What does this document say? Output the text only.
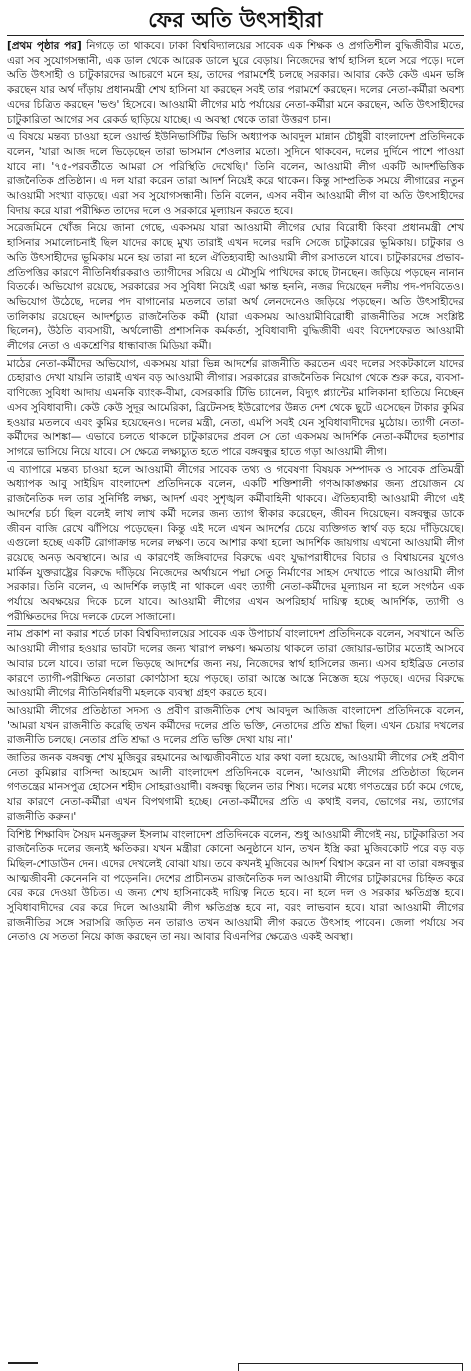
ফের অতি উৎসাহীরা

[প্রথম পৃষ্ঠার পর] নিগড়ে তা থাকবে। ঢাকা বিশ্ববিদ্যালয়ের সাবেক এক শিক্ষক ও প্রগতিশীল বুদ্ধিজীবীর মতে, এরা সব সুযোগসন্ধানী, এক ডাল থেকে আরেক ডালে ঘুরে বেড়ায়। নিজেদের স্বার্থ হাসিল হলে সরে পড়ে। দলে অতি উৎসাহী ও চাটুকারদের আচরণে মনে হয়, তাদের পরামর্শেই চলছে সরকার। আবার কেউ কেউ এমন ভঙ্গি করছেন যার অর্থ দাঁড়ায় প্রধানমন্ত্রী শেখ হাসিনা যা করছেন সবই তার পরামর্শে করছেন। দলের নেতা-কর্মীরা অবশ্য এদের চিত্রিত করছেন 'ভণ্ড' হিসেবে। আওয়ামী লীগের মাঠ পর্যায়ের নেতা-কর্মীরা মনে করছেন, অতি উৎসাহীদের চাটুকারিতা আগের সব রেকর্ড ছাড়িয়ে যাচ্ছে। এ অবস্থা থেকে তারা উত্তরণ চান।

এ বিষয়ে মন্তব্য চাওয়া হলে ওয়ার্ল্ড ইউনিভার্সিটির ভিসি অধ্যাপক আবদুল মান্নান চৌধুরী বাংলাদেশ প্রতিদিনকে বলেন, 'যারা আজ দলে ভিড়েছেন তারা ভাসমান শেওলার মতো। সুদিনে থাকবেন, দলের দুর্দিনে পাশে পাওয়া যাবে না। '৭৫-পরবর্তীতে আমরা সে পরিস্থিতি দেখেছি।' তিনি বলেন, আওয়ামী লীগ একটি আদর্শভিত্তিক রাজনৈতিক প্রতিষ্ঠান। এ দল যারা করেন তারা আদর্শ নিয়েই করে থাকেন। কিন্তু সাম্প্রতিক সময়ে লীগারের নতুন আওয়ামী সংখ্যা বাড়ছে। এরা সব সুযোগসন্ধানী। তিনি বলেন, এসব নবীন আওয়ামী লীগ বা অতি উৎসাহীদের বিদায় করে যারা পরীক্ষিত তাদের দলে ও সরকারে মূল্যায়ন করতে হবে।

সরেজমিনে খোঁজ নিয়ে জানা গেছে, একসময় যারা আওয়ামী লীগের ঘোর বিরোধী কিংবা প্রধানমন্ত্রী শেখ হাসিনার সমালোচনাই ছিল যাদের কাছে মুখ্য তারাই এখন দলের দরদি সেজে চাটুকারের ভূমিকায়। চাটুকার ও অতি উৎসাহীদের ভূমিকায় মনে হয় তারা না হলে ঐতিহ্যবাহী আওয়ামী লীগ রসাতলে যাবে। চাটুকারদের প্রভাব-প্রতিপত্তির কারণে নীতিনির্ধারকরাও ত্যাগীদের সরিয়ে এ মৌসুমি পাখিদের কাছে টানছেন। জড়িয়ে পড়ছেন নানান বিতর্কে। অভিযোগ রয়েছে, সরকারের সব সুবিধা নিয়েই এরা ক্ষান্ত হননি, নজর দিয়েছেন দলীয় পদ-পদবিতেও। অভিযোগ উঠেছে, দলের পদ বাগানোর মতলবে তারা অর্থ লেনদেনেও জড়িয়ে পড়ছেন। অতি উৎসাহীদের তালিকায় রয়েছেন আদর্শচ্যুত রাজনৈতিক কর্মী (যারা একসময় আওয়ামীবিরোধী রাজনীতির সঙ্গে সংশ্লিষ্ট ছিলেন), উঠতি ব্যবসায়ী, অর্থলোভী প্রশাসনিক কর্মকর্তা, সুবিধাবাদী বুদ্ধিজীবী এবং বিদেশফেরত আওয়ামী লীগের নেতা ও একশ্রেণির ধান্ধাবাজ মিডিয়া কর্মী।

মাঠের নেতা-কর্মীদের অভিযোগ, একসময় যারা ভিন্ন আদর্শের রাজনীতি করতেন এবং দলের সংকটকালে যাদের চেহারাও দেখা যায়নি তারাই এখন বড় আওয়ামী লীগার। সরকারের রাজনৈতিক নিয়োগ থেকে শুরু করে, ব্যবসা-বাণিজ্যে সুবিধা আদায় এমনকি ব্যাংক-বীমা, বেসরকারি টিভি চ্যানেল, বিদ্যুৎ প্ল্যান্টের মালিকানা হাতিয়ে নিচ্ছেন এসব সুবিধাবাদী। কেউ কেউ সুদূর আমেরিকা, ব্রিটেনসহ ইউরোপের উন্নত দেশ থেকে ছুটে এসেছেন টাকার কুমির হওয়ার মতলবে এবং কুমির হয়েছেনও। দলের মন্ত্রী, নেতা, এমপি সবই যেন সুবিধাবাদীদের মুঠোয়। ত্যাগী নেতা-কর্মীদের আশঙ্কা— এভাবে চলতে থাকলে চাটুকারদের প্রবল সে তো একসময় আদর্শিক নেতা-কর্মীদের হতাশার সাগরে ভাসিয়ে নিয়ে যাবে। সে ক্ষেত্রে লক্ষ্যচ্যুত হতে পারে বঙ্গবন্ধুর হাতে গড়া আওয়ামী লীগ।

এ ব্যাপারে মন্তব্য চাওয়া হলে আওয়ামী লীগের সাবেক তথ্য ও গবেষণা বিষয়ক সম্পাদক ও সাবেক প্রতিমন্ত্রী অধ্যাপক আবু সাইয়িদ বাংলাদেশ প্রতিদিনকে বলেন, একটি শক্তিশালী গণআকাঙ্ক্ষার জন্য প্রয়োজন যে রাজনৈতিক দল তার সুনির্দিষ্ট লক্ষ্য, আদর্শ এবং সুশৃঙ্খল কর্মীবাহিনী থাকবে। ঐতিহ্যবাহী আওয়ামী লীগে এই আদর্শের চর্চা ছিল বলেই লাখ লাখ কর্মী দলের জন্য ত্যাগ স্বীকার করেছেন, জীবন দিয়েছেন। বঙ্গবন্ধুর ডাকে জীবন বাজি রেখে ঝাঁপিয়ে পড়েছেন। কিন্তু এই দলে এখন আদর্শের চেয়ে ব্যক্তিগত স্বার্থ বড় হয়ে দাঁড়িয়েছে। এগুলো হচ্ছে একটি রোগাক্রান্ত দলের লক্ষণ। তবে আশার কথা হলো আদর্শিক জায়গায় এখনো আওয়ামী লীগ রয়েছে অনড় অবস্থানে। আর এ কারণেই জঙ্গিবাদের বিরুদ্ধে এবং যুদ্ধাপরাধীদের বিচার ও বিশ্বায়নের যুগেও মার্কিন যুক্তরাষ্ট্রের বিরুদ্ধে দাঁড়িয়ে নিজেদের অর্থায়নে পদ্মা সেতু নির্মাণের সাহস দেখাতে পারে আওয়ামী লীগ সরকার। তিনি বলেন, এ আদর্শিক লড়াই না থাকলে এবং ত্যাগী নেতা-কর্মীদের মূল্যায়ন না হলে সংগঠন এক পর্যায়ে অবক্ষয়ের দিকে চলে যাবে। আওয়ামী লীগের এখন অপরিহার্য দায়িত্ব হচ্ছে আদর্শিক, ত্যাগী ও পরীক্ষিতদের দিয়ে দলকে ঢেলে সাজানো।

নাম প্রকাশ না করার শর্তে ঢাকা বিশ্ববিদ্যালয়ের সাবেক এক উপাচার্য বাংলাদেশ প্রতিদিনকে বলেন, সবখানে অতি আওয়ামী লীগার হওয়ার ভাবটা দলের জন্য খারাপ লক্ষণ। ক্ষমতায় থাকলে তারা জোয়ার-ভাটার মতোই আসবে আবার চলে যাবে। তারা দলে ভিড়ছে আদর্শের জন্য নয়, নিজেদের স্বার্থ হাসিলের জন্য। এসব হাইব্রিড নেতার কারণে ত্যাগী-পরীক্ষিত নেতারা কোণঠাসা হয়ে পড়ছে। তারা আস্তে আস্তে নিস্তেজ হয়ে পড়ছে। এদের বিরুদ্ধে আওয়ামী লীগের নীতিনির্ধারণী মহলকে ব্যবস্থা গ্রহণ করতে হবে।

আওয়ামী লীগের প্রতিষ্ঠাতা সদস্য ও প্রবীণ রাজনীতিক শেখ আবদুল আজিজ বাংলাদেশ প্রতিদিনকে বলেন, 'আমরা যখন রাজনীতি করেছি তখন কর্মীদের দলের প্রতি ভক্তি, নেতাদের প্রতি শ্রদ্ধা ছিল। এখন চেয়ার দখলের রাজনীতি চলছে। নেতার প্রতি শ্রদ্ধা ও দলের প্রতি ভক্তি দেখা যায় না।'

জাতির জনক বঙ্গবন্ধু শেখ মুজিবুর রহমানের আত্মজীবনীতে যার কথা বলা হয়েছে, আওয়ামী লীগের সেই প্রবীণ নেতা কুমিল্লার বাসিন্দা আহমেদ আলী বাংলাদেশ প্রতিদিনকে বলেন, 'আওয়ামী লীগের প্রতিষ্ঠাতা ছিলেন গণতন্ত্রের মানসপুত্র হোসেন শহীদ সোহরাওয়ার্দী। বঙ্গবন্ধু ছিলেন তার শিষ্য। দলের মধ্যে গণতন্ত্রের চর্চা কমে গেছে, যার কারণে নেতা-কর্মীরা এখন বিপথগামী হচ্ছে। নেতা-কর্মীদের প্রতি এ কথাই বলব, ভোগের নয়, ত্যাগের রাজনীতি করুন।'

বিশিষ্ট শিক্ষাবিদ সৈয়দ মনজুরুল ইসলাম বাংলাদেশ প্রতিদিনকে বলেন, শুধু আওয়ামী লীগেই নয়, চাটুকারিতা সব রাজনৈতিক দলের জন্যই ক্ষতিকর। যখন মন্ত্রীরা কোনো অনুষ্ঠানে যান, তখন ইস্ত্রি করা মুজিবকোট পরে বড় বড় মিছিল-শোডাউন দেন। এদের দেখলেই বোঝা যায়। তবে কখনই মুজিবের আদর্শ বিশ্বাস করেন না বা তারা বঙ্গবন্ধুর আত্মজীবনী কেনেননি বা পড়েননি। দেশের প্রাচীনতম রাজনৈতিক দল আওয়ামী লীগের চাটুকারদের চিহ্নিত করে বের করে দেওয়া উচিত। এ জন্য শেখ হাসিনাকেই দায়িত্ব নিতে হবে। না হলে দল ও সরকার ক্ষতিগ্রস্ত হবে। সুবিধাবাদীদের বের করে দিলে আওয়ামী লীগ ক্ষতিগ্রস্ত হবে না, বরং লাভবান হবে। যারা আওয়ামী লীগের রাজনীতির সঙ্গে সরাসরি জড়িত নন তারাও তখন আওয়ামী লীগ করতে উৎসাহ পাবেন। জেলা পর্যায়ে সব নেতাও যে সততা নিয়ে কাজ করছেন তা নয়। আবার বিএনপির ক্ষেত্রেও একই অবস্থা।
